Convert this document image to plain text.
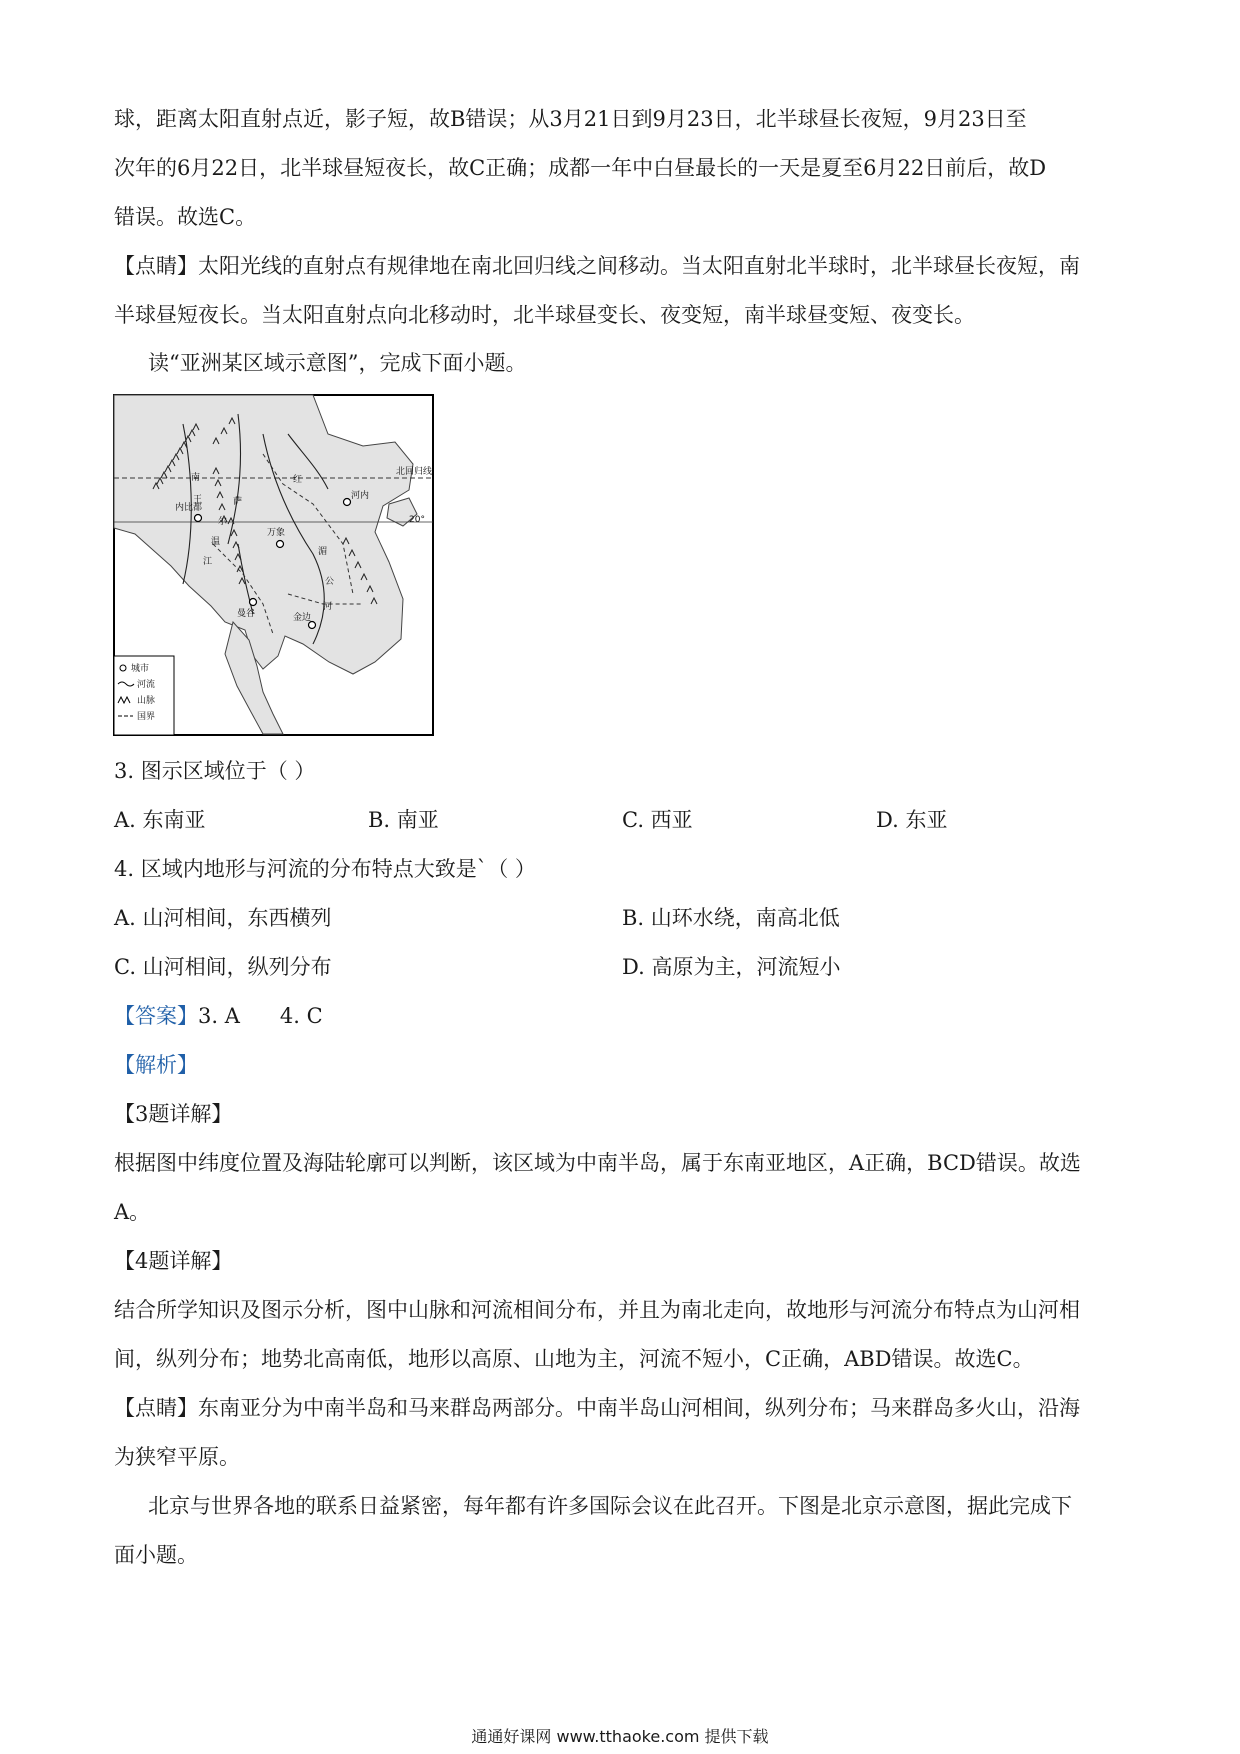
球，距离太阳直射点近，影子短，故B错误；从3月21日到9月23日，北半球昼长夜短，9月23日至
次年的6月22日，北半球昼短夜长，故C正确；成都一年中白昼最长的一天是夏至6月22日前后，故D
错误。故选C。
【点睛】太阳光线的直射点有规律地在南北回归线之间移动。当太阳直射北半球时，北半球昼长夜短，南
半球昼短夜长。当太阳直射点向北移动时，北半球昼变长、夜变短，南半球昼变短、夜变长。
读“亚洲某区域示意图”，完成下面小题。
北回归线
20°
红
南
王	萨
尔
温
江
湄
公
河
河内
内比都
万象
曼谷	金边
城市
河流
山脉
国界
3. 图示区域位于（ ）
A. 东南亚	B. 南亚	C. 西亚	D. 东亚
4. 区域内地形与河流的分布特点大致是`（ ）
A. 山河相间，东西横列	B. 山环水绕，南高北低
C. 山河相间，纵列分布	D. 高原为主，河流短小
【答案】3. A      4. C
【解析】
【3题详解】
根据图中纬度位置及海陆轮廓可以判断，该区域为中南半岛，属于东南亚地区，A正确，BCD错误。故选
A。
【4题详解】
结合所学知识及图示分析，图中山脉和河流相间分布，并且为南北走向，故地形与河流分布特点为山河相
间，纵列分布；地势北高南低，地形以高原、山地为主，河流不短小，C正确，ABD错误。故选C。
【点睛】东南亚分为中南半岛和马来群岛两部分。中南半岛山河相间，纵列分布；马来群岛多火山，沿海
为狭窄平原。
北京与世界各地的联系日益紧密，每年都有许多国际会议在此召开。下图是北京示意图，据此完成下
面小题。
通通好课网 www.tthaoke.com 提供下载
